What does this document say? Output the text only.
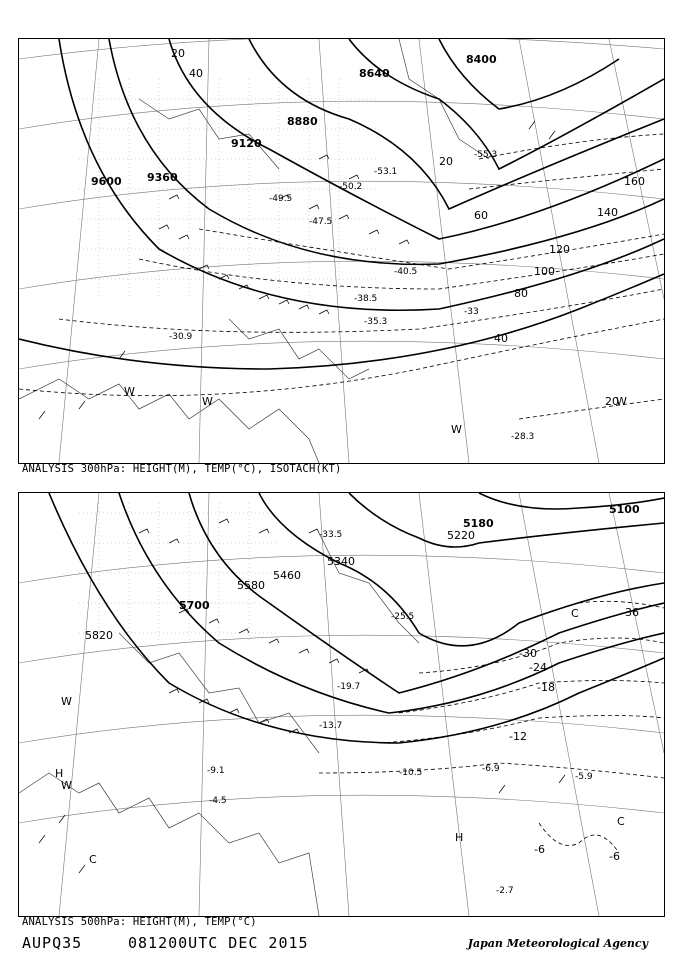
8400
8640
8880
9120
9360
9600
20
40
60
80
100
120
140
160
20
40
20
-30.9
-38.5
-35.3
-40.5
-47.5
-50.2
-53.1
-55.3
-28.3
-33
-49.5
W
W
W
W
ANALYSIS 300hPa: HEIGHT(M), TEMP(°C), ISOTACH(KT)
5100
5180
5220
5340
5460
5580
5700
5820
-36
-30
-24
-18
-12
-6
-6
-10.5
-9.1	-6.9
-5.9
-2.7
-13.7
-19.7
-25.5
-33.5
-4.5
C
C
C
W
W
H
H
ANALYSIS 500hPa: HEIGHT(M), TEMP(°C)
AUPQ35	081200UTC DEC 2015	Japan Meteorological Agency
